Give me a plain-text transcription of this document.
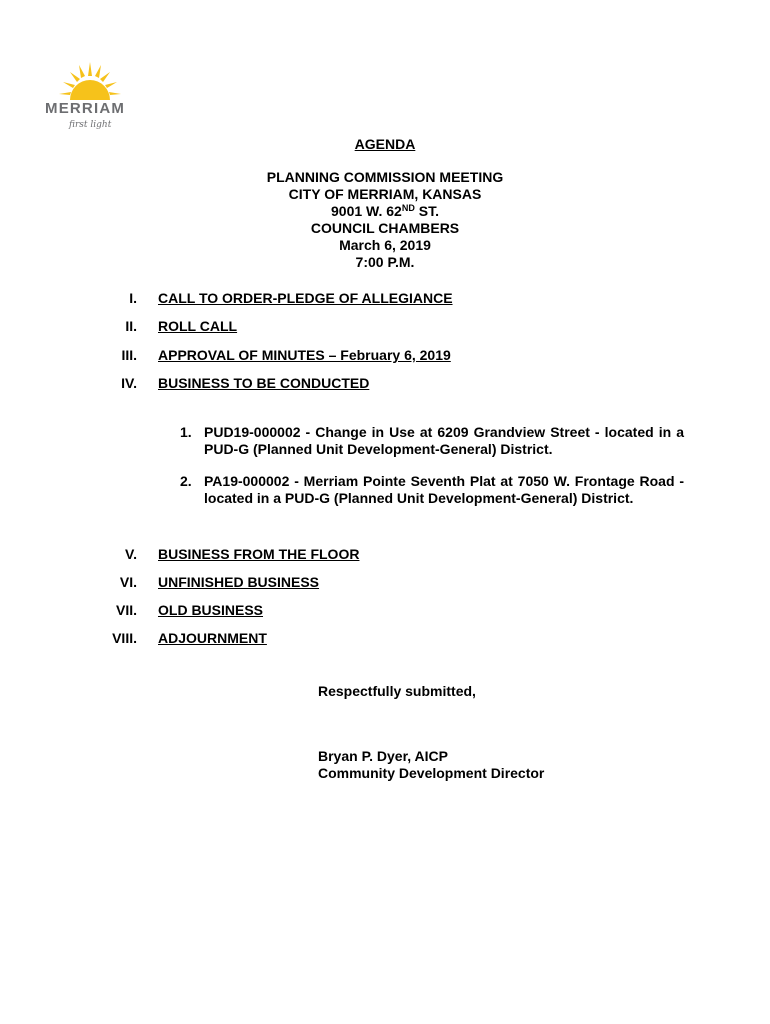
MERRIAM
first light
AGENDA
PLANNING COMMISSION MEETING
CITY OF MERRIAM, KANSAS
9001 W. 62ND ST.
COUNCIL CHAMBERS
March 6, 2019
7:00 P.M.
I. CALL TO ORDER-PLEDGE OF ALLEGIANCE
II. ROLL CALL
III. APPROVAL OF MINUTES – February 6, 2019
IV. BUSINESS TO BE CONDUCTED
1. PUD19-000002 - Change in Use at 6209 Grandview Street - located in a PUD-G (Planned Unit Development-General) District.
2. PA19-000002 - Merriam Pointe Seventh Plat at 7050 W. Frontage Road - located in a PUD-G (Planned Unit Development-General) District.
V. BUSINESS FROM THE FLOOR
VI. UNFINISHED BUSINESS
VII. OLD BUSINESS
VIII. ADJOURNMENT
Respectfully submitted,
Bryan P. Dyer, AICP
Community Development Director
